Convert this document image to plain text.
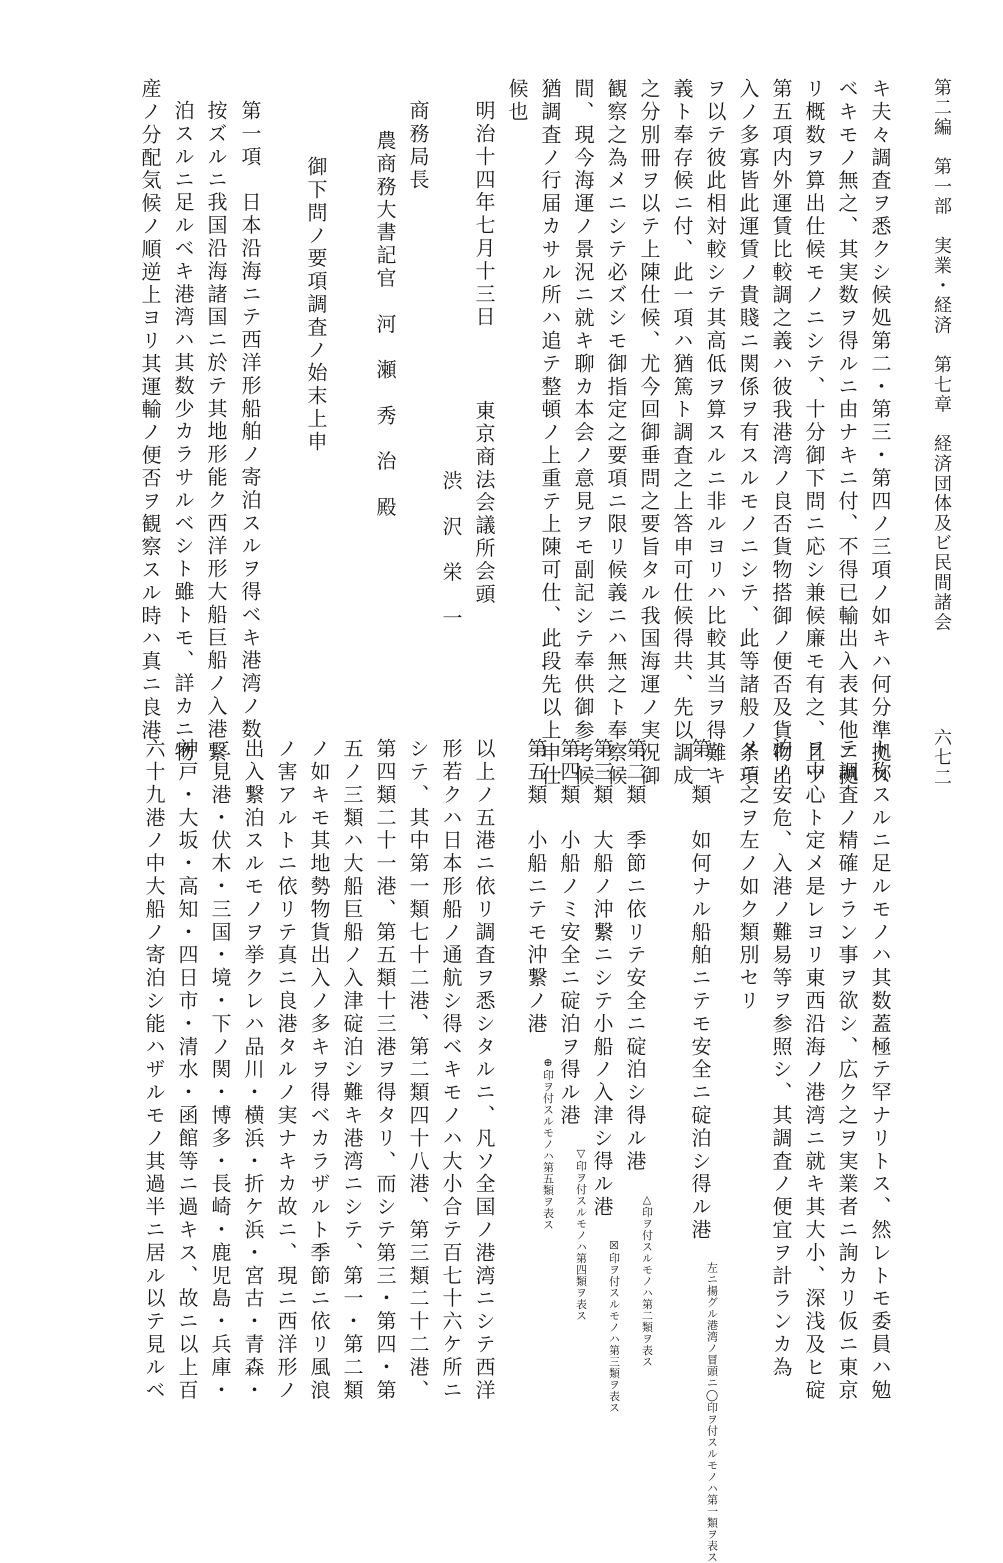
第二編　第一部　実業・経済　第七章　経済団体及ビ民間諸会
六七二
キ夫々調査ヲ悉クシ候処第二・第三・第四ノ三項ノ如キハ何分準拠ス
ベキモノ無之、其実数ヲ得ルニ由ナキニ付、不得已輸出入表其他ニ拠
リ概数ヲ算出仕候モノニシテ、十分御下問ニ応シ兼候廉モ有之、且ツ
第五項内外運賃比較調之義ハ彼我港湾ノ良否貨物搭御ノ便否及貨物出
入ノ多寡皆此運賃ノ貴賤ニ関係ヲ有スルモノニシテ、此等諸般ノ条項
ヲ以テ彼此相対較シテ其高低ヲ算スルニ非ルヨリハ比較其当ヲ得難キ
義ト奉存候ニ付、此一項ハ猶篤ト調査之上答申可仕候得共、先以調成
之分別冊ヲ以テ上陳仕候、尤今回御垂問之要旨タル我国海運ノ実況御
観察之為メニシテ必ズシモ御指定之要項ニ限リ候義ニハ無之ト奉察候
間、現今海運ノ景況ニ就キ聊カ本会ノ意見ヲモ副記シテ奉供御参考候
猶調査ノ行届カサル所ハ追テ整頓ノ上重テ上陳可仕、此段先以上申仕
候也
明治十四年七月十三日
東京商法会議所会頭
渋　沢　栄　一
商務局長
農商務大書記官　河　瀬　秀　治　殿
御下問ノ要項調査ノ始末上申
第一項　日本沿海ニテ西洋形船舶ノ寄泊スルヲ得ベキ港湾ノ数
按ズルニ我国沿海諸国ニ於テ其地形能ク西洋形大船巨船ノ入港繋
泊スルニ足ルベキ港湾ハ其数少カラサルベシト雖トモ、詳カニ物
産ノ分配気候ノ順逆上ヨリ其運輸ノ便否ヲ観察スル時ハ真ニ良港
ト称スルニ足ルモノハ其数蓋極テ罕ナリトス、然レトモ委員ハ勉
テ調査ノ精確ナラン事ヲ欲シ、広ク之ヲ実業者ニ詢カリ仮ニ東京
ヲ中心ト定メ是レヨリ東西沿海ノ港湾ニ就キ其大小、深浅及ヒ碇
泊ノ安危、入港ノ難易等ヲ参照シ、其調査ノ便宜ヲ計ランカ為
メニ之ヲ左ノ如ク類別セリ
第一類　如何ナル船舶ニテモ安全ニ碇泊シ得ル港左ニ揚グル港湾ノ冒頭ニ◯印ヲ付スルモノハ第一類ヲ表ス
第二類　季節ニ依リテ安全ニ碇泊シ得ル港△印ヲ付スルモノハ第二類ヲ表ス
第三類　大船ノ沖繋ニシテ小船ノ入津シ得ル港☒印ヲ付スルモノハ第三類ヲ表ス
第四類　小船ノミ安全ニ碇泊ヲ得ル港▽印ヲ付スルモノハ第四類ヲ表ス
第五類　小船ニテモ沖繋ノ港⊕印ヲ付スルモノハ第五類ヲ表ス
以上ノ五港ニ依リ調査ヲ悉シタルニ、凡ソ全国ノ港湾ニシテ西洋
形若クハ日本形船ノ通航シ得ベキモノハ大小合テ百七十六ケ所ニ
シテ、其中第一類七十二港、第二類四十八港、第三類二十二港、
第四類二十一港、第五類十三港ヲ得タリ、而シテ第三・第四・第
五ノ三類ハ大船巨船ノ入津碇泊シ難キ港湾ニシテ、第一・第二類
ノ如キモ其地勢物貨出入ノ多キヲ得ベカラザルト季節ニ依リ風浪
ノ害アルトニ依リテ真ニ良港タルノ実ナキカ故ニ、現ニ西洋形ノ
出入繋泊スルモノヲ挙クレハ品川・横浜・折ケ浜・宮古・青森・
二見港・伏木・三国・境・下ノ関・博多・長崎・鹿児島・兵庫・
神戸・大坂・高知・四日市・清水・函館等ニ過キス、故ニ以上百
六十九港ノ中大船ノ寄泊シ能ハザルモノ其過半ニ居ル以テ見ルベ
